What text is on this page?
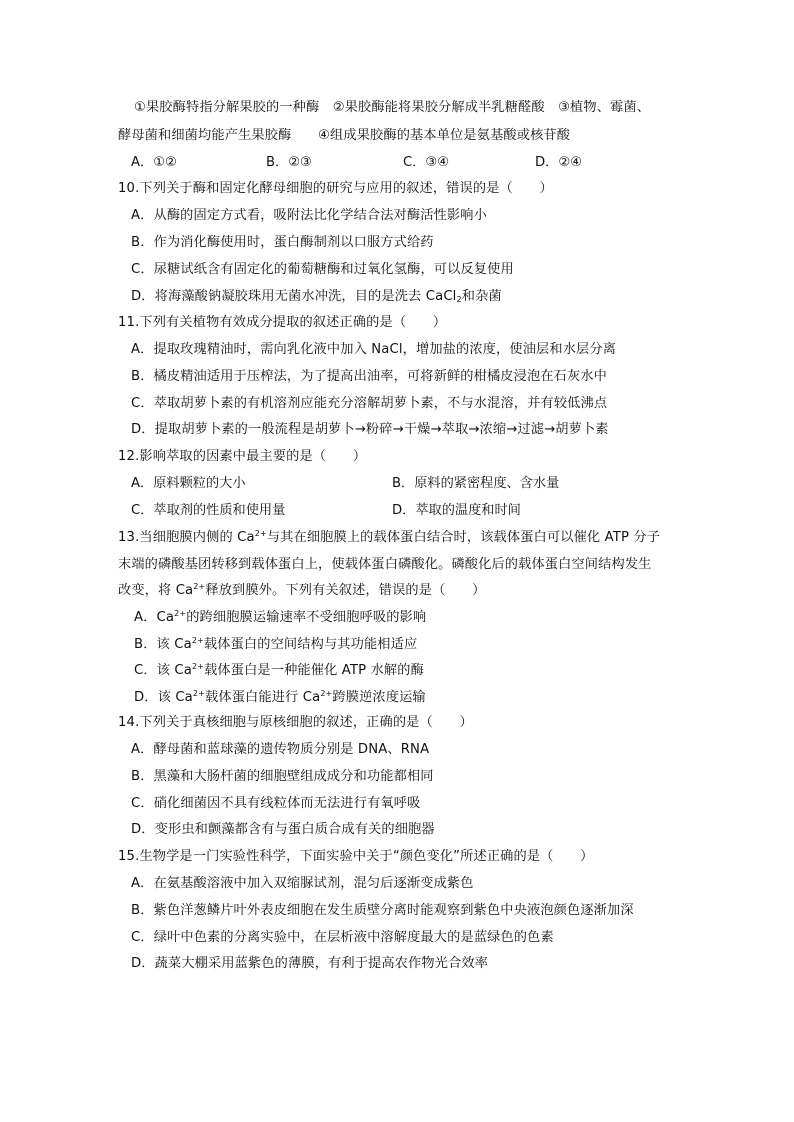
①果胶酶特指分解果胶的一种酶　②果胶酶能将果胶分解成半乳糖醛酸　③植物、霉菌、
酵母菌和细菌均能产生果胶酶　　④组成果胶酶的基本单位是氨基酸或核苷酸
A．①②	B．②③	C．③④	D．②④
10.下列关于酶和固定化酵母细胞的研究与应用的叙述，错误的是（　　）
A．从酶的固定方式看，吸附法比化学结合法对酶活性影响小
B．作为消化酶使用时，蛋白酶制剂以口服方式给药
C．尿糖试纸含有固定化的葡萄糖酶和过氧化氢酶，可以反复使用
D．将海藻酸钠凝胶珠用无菌水冲洗，目的是洗去 CaCl$_2$和杂菌
11.下列有关植物有效成分提取的叙述正确的是（　　）
A．提取玫瑰精油时，需向乳化液中加入 NaCl，增加盐的浓度，使油层和水层分离
B．橘皮精油适用于压榨法，为了提高出油率，可将新鲜的柑橘皮浸泡在石灰水中
C．萃取胡萝卜素的有机溶剂应能充分溶解胡萝卜素，不与水混溶，并有较低沸点
D．提取胡萝卜素的一般流程是胡萝卜→粉碎→干燥→萃取→浓缩→过滤→胡萝卜素
12.影响萃取的因素中最主要的是（　　）
A．原料颗粒的大小	B．原料的紧密程度、含水量
C．萃取剂的性质和使用量	D．萃取的温度和时间
13.当细胞膜内侧的 $Ca^{2+}$与其在细胞膜上的载体蛋白结合时，该载体蛋白可以催化 ATP 分子
末端的磷酸基团转移到载体蛋白上，使载体蛋白磷酸化。磷酸化后的载体蛋白空间结构发生
改变，将 $Ca^{2+}$释放到膜外。下列有关叙述，错误的是（　　）
A．$Ca^{2+}$的跨细胞膜运输速率不受细胞呼吸的影响
B．该 $Ca^{2+}$载体蛋白的空间结构与其功能相适应
C．该 $Ca^{2+}$载体蛋白是一种能催化 ATP 水解的酶
D．该 $Ca^{2+}$载体蛋白能进行 $Ca^{2+}$跨膜逆浓度运输
14.下列关于真核细胞与原核细胞的叙述，正确的是（　　）
A．酵母菌和蓝球藻的遗传物质分别是 DNA、RNA
B．黑藻和大肠杆菌的细胞壁组成成分和功能都相同
C．硝化细菌因不具有线粒体而无法进行有氧呼吸
D．变形虫和颤藻都含有与蛋白质合成有关的细胞器
15.生物学是一门实验性科学，下面实验中关于“颜色变化”所述正确的是（　　）
A．在氨基酸溶液中加入双缩脲试剂，混匀后逐渐变成紫色
B．紫色洋葱鳞片叶外表皮细胞在发生质壁分离时能观察到紫色中央液泡颜色逐渐加深
C．绿叶中色素的分离实验中，在层析液中溶解度最大的是蓝绿色的色素
D．蔬菜大棚采用蓝紫色的薄膜，有利于提高农作物光合效率
